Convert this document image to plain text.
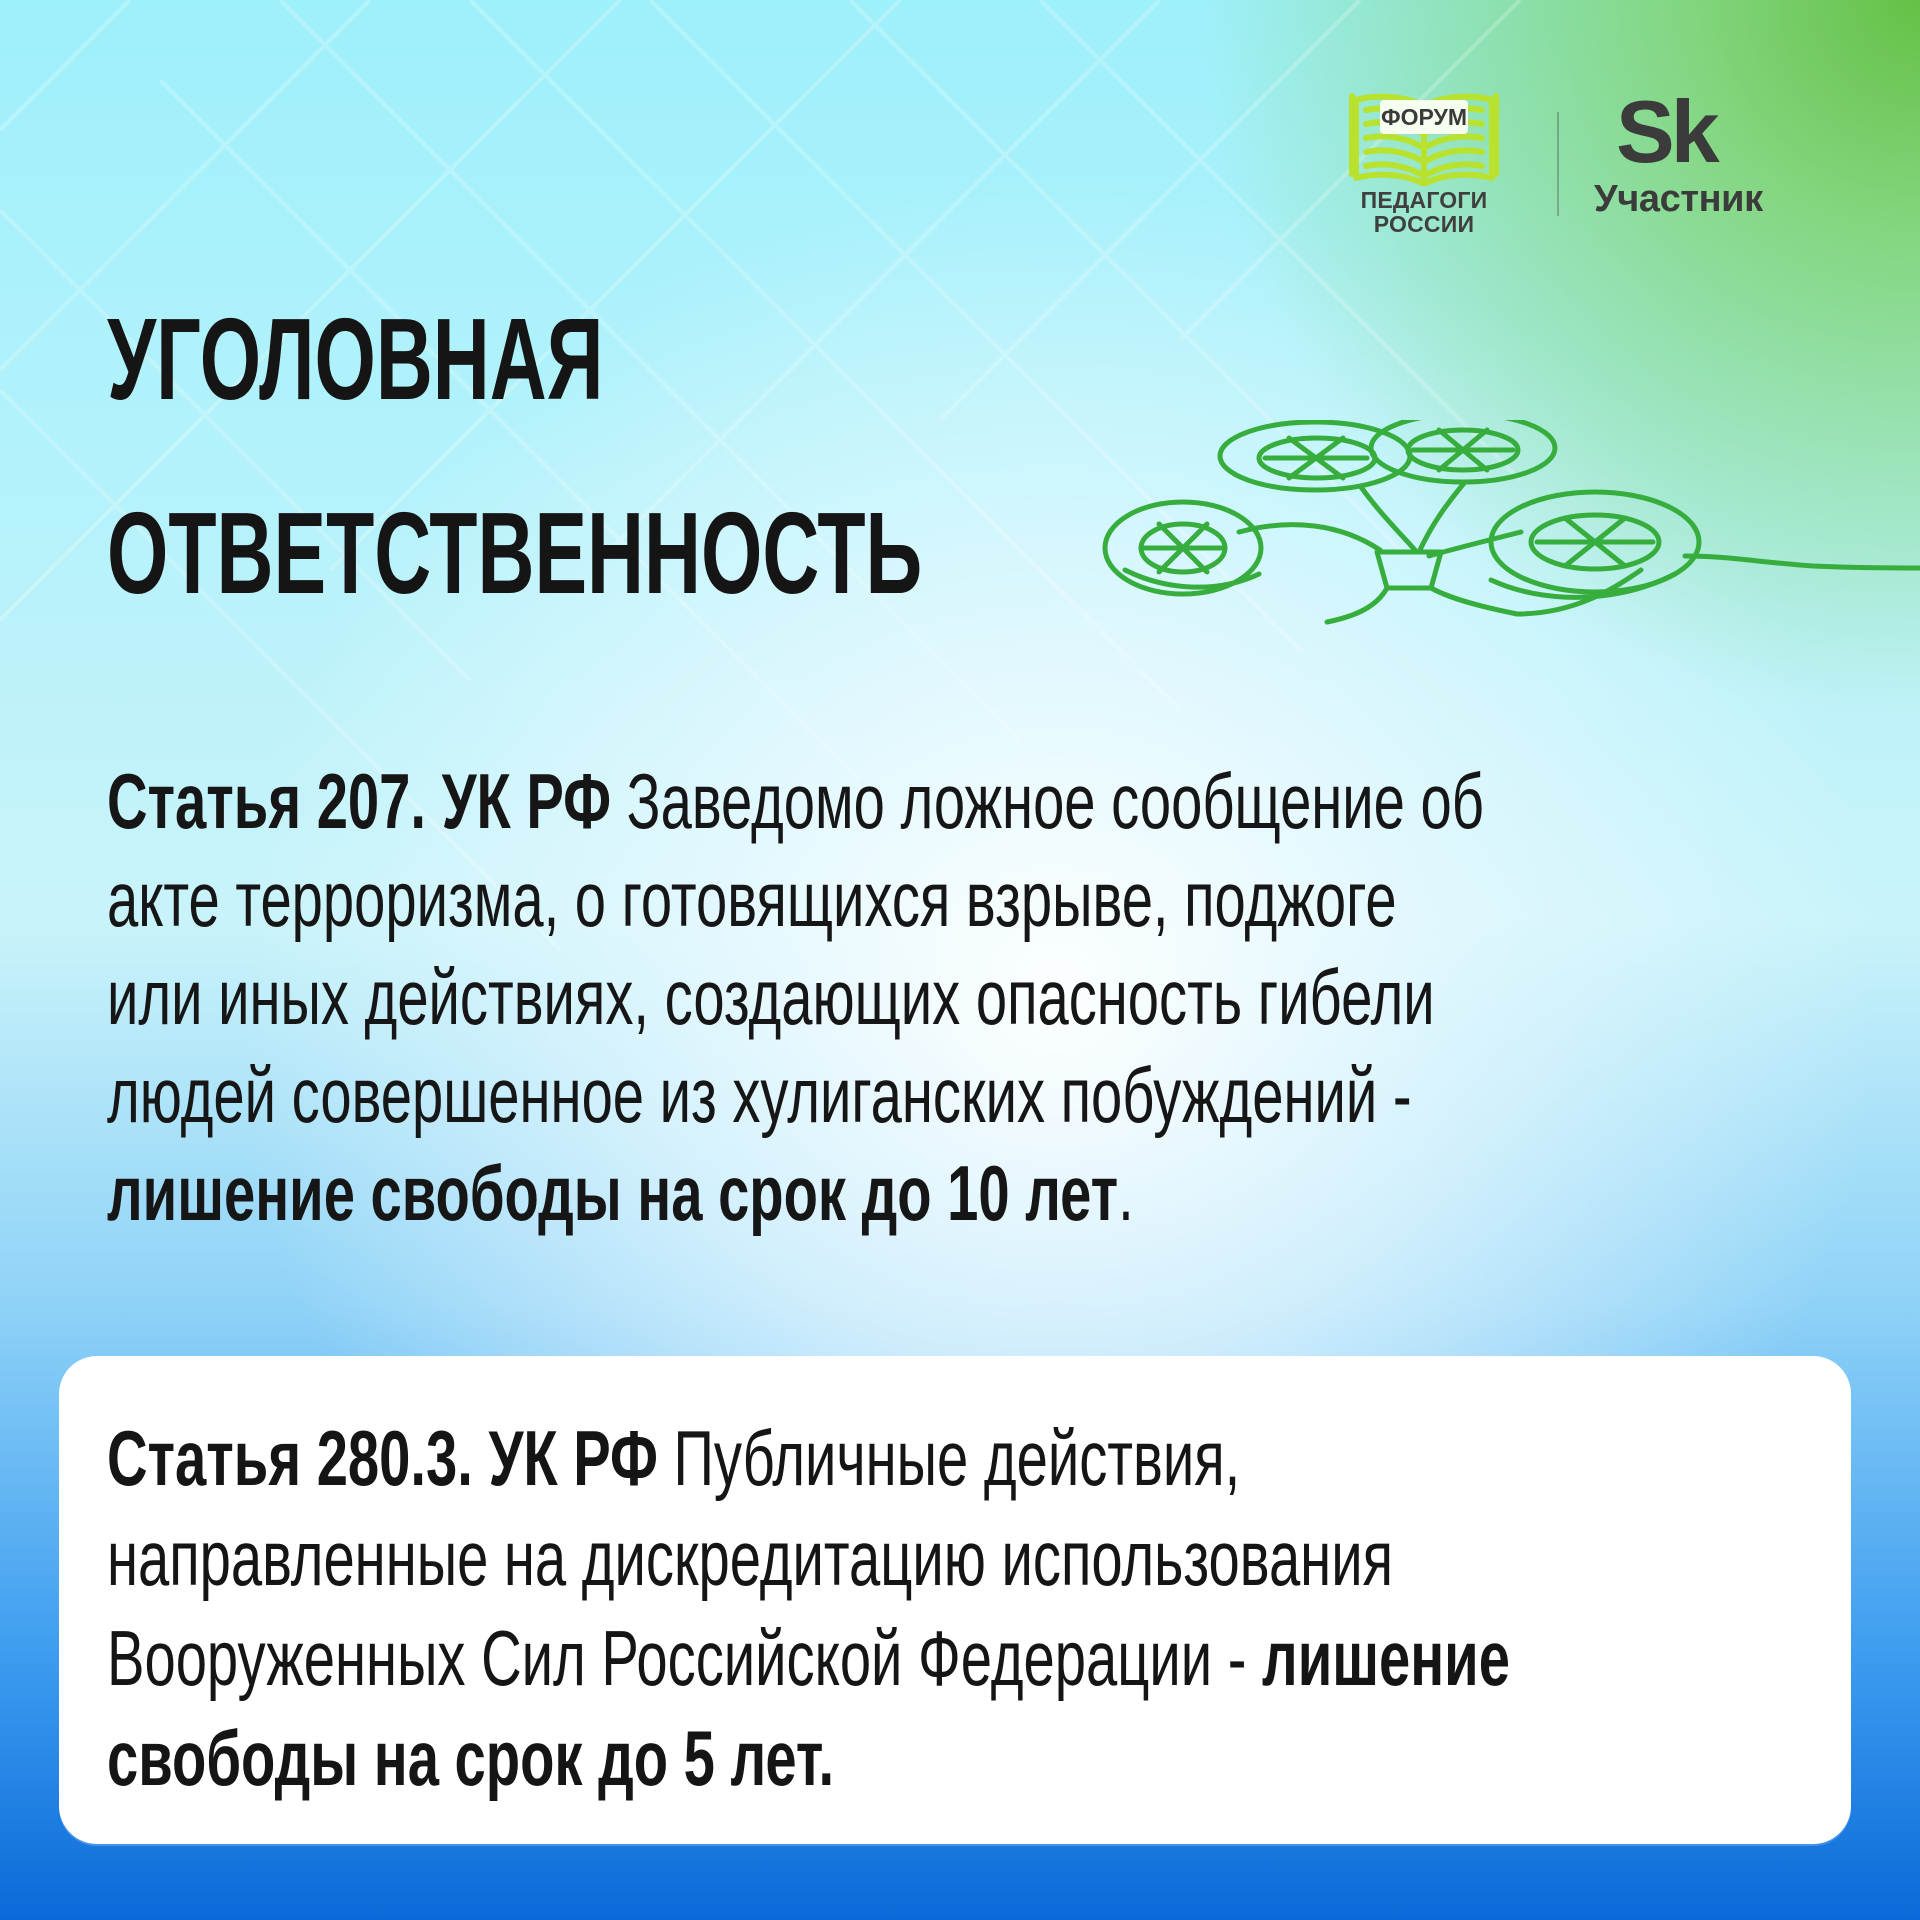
ФОРУМ
ПЕДАГОГИ
РОССИИ
Sk
Участник
УГОЛОВНАЯ
ОТВЕТСТВЕННОСТЬ
Статья 207. УК РФ Заведомо ложное сообщение об
акте терроризма, о готовящихся взрыве, поджоге
или иных действиях, создающих опасность гибели
людей совершенное из хулиганских побуждений -
лишение свободы на срок до 10 лет.
Статья 280.3. УК РФ Публичные действия,
направленные на дискредитацию использования
Вооруженных Сил Российской Федерации - лишение
свободы на срок до 5 лет.
